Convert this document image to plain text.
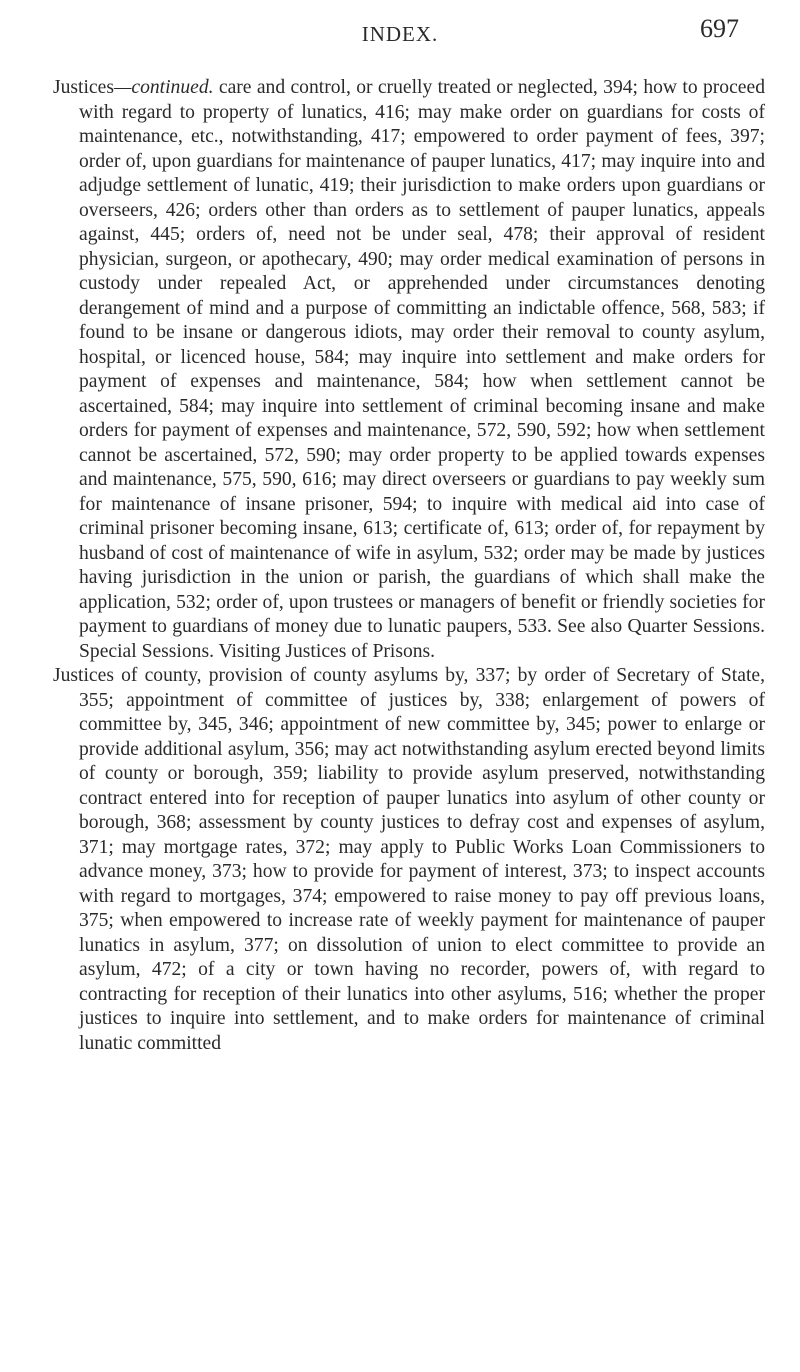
INDEX.	697

Justices—continued. care and control, or cruelly treated or neglected, 394; how to proceed with regard to property of lunatics, 416; may make order on guardians for costs of maintenance, etc., notwithstanding, 417; empowered to order payment of fees, 397; order of, upon guardians for maintenance of pauper lunatics, 417; may inquire into and adjudge settlement of lunatic, 419; their jurisdiction to make orders upon guardians or overseers, 426; orders other than orders as to settlement of pauper lunatics, appeals against, 445; orders of, need not be under seal, 478; their approval of resident physician, surgeon, or apothecary, 490; may order medical examination of persons in custody under repealed Act, or apprehended under circumstances denoting derangement of mind and a purpose of committing an indictable offence, 568, 583; if found to be insane or dangerous idiots, may order their removal to county asylum, hospital, or licenced house, 584; may inquire into settlement and make orders for payment of expenses and maintenance, 584; how when settlement cannot be ascertained, 584; may inquire into settlement of criminal becoming insane and make orders for payment of expenses and maintenance, 572, 590, 592; how when settlement cannot be ascertained, 572, 590; may order property to be applied towards expenses and maintenance, 575, 590, 616; may direct overseers or guardians to pay weekly sum for maintenance of insane prisoner, 594; to inquire with medical aid into case of criminal prisoner becoming insane, 613; certificate of, 613; order of, for repayment by husband of cost of maintenance of wife in asylum, 532; order may be made by justices having jurisdiction in the union or parish, the guardians of which shall make the application, 532; order of, upon trustees or managers of benefit or friendly societies for payment to guardians of money due to lunatic paupers, 533. See also Quarter Sessions. Special Sessions. Visiting Justices of Prisons.

Justices of county, provision of county asylums by, 337; by order of Secretary of State, 355; appointment of committee of justices by, 338; enlargement of powers of committee by, 345, 346; appointment of new committee by, 345; power to enlarge or provide additional asylum, 356; may act notwithstanding asylum erected beyond limits of county or borough, 359; liability to provide asylum preserved, notwithstanding contract entered into for reception of pauper lunatics into asylum of other county or borough, 368; assessment by county justices to defray cost and expenses of asylum, 371; may mortgage rates, 372; may apply to Public Works Loan Commissioners to advance money, 373; how to provide for payment of interest, 373; to inspect accounts with regard to mortgages, 374; empowered to raise money to pay off previous loans, 375; when empowered to increase rate of weekly payment for maintenance of pauper lunatics in asylum, 377; on dissolution of union to elect committee to provide an asylum, 472; of a city or town having no recorder, powers of, with regard to contracting for reception of their lunatics into other asylums, 516; whether the proper justices to inquire into settlement, and to make orders for maintenance of criminal lunatic committed
